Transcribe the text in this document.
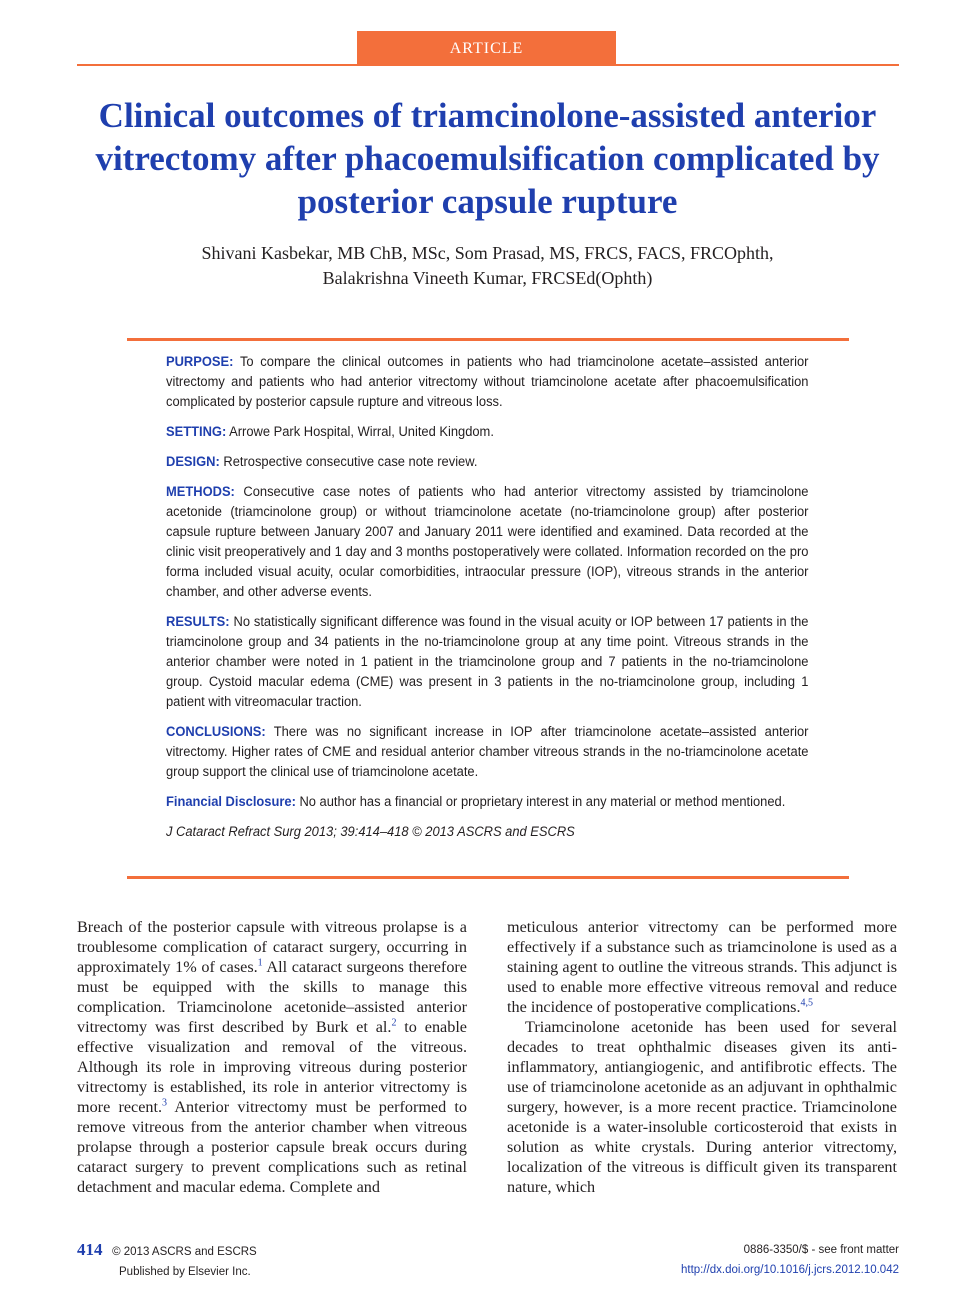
ARTICLE
Clinical outcomes of triamcinolone-assisted anterior vitrectomy after phacoemulsification complicated by posterior capsule rupture
Shivani Kasbekar, MB ChB, MSc, Som Prasad, MS, FRCS, FACS, FRCOphth,
Balakrishna Vineeth Kumar, FRCSEd(Ophth)

PURPOSE: To compare the clinical outcomes in patients who had triamcinolone acetate–assisted anterior vitrectomy and patients who had anterior vitrectomy without triamcinolone acetate after phacoemulsification complicated by posterior capsule rupture and vitreous loss.

SETTING: Arrowe Park Hospital, Wirral, United Kingdom.

DESIGN: Retrospective consecutive case note review.

METHODS: Consecutive case notes of patients who had anterior vitrectomy assisted by triamcinolone acetonide (triamcinolone group) or without triamcinolone acetate (no-triamcinolone group) after posterior capsule rupture between January 2007 and January 2011 were identified and examined. Data recorded at the clinic visit preoperatively and 1 day and 3 months postoperatively were collated. Information recorded on the pro forma included visual acuity, ocular comorbidities, intraocular pressure (IOP), vitreous strands in the anterior chamber, and other adverse events.

RESULTS: No statistically significant difference was found in the visual acuity or IOP between 17 patients in the triamcinolone group and 34 patients in the no-triamcinolone group at any time point. Vitreous strands in the anterior chamber were noted in 1 patient in the triamcinolone group and 7 patients in the no-triamcinolone group. Cystoid macular edema (CME) was present in 3 patients in the no-triamcinolone group, including 1 patient with vitreomacular traction.

CONCLUSIONS: There was no significant increase in IOP after triamcinolone acetate–assisted anterior vitrectomy. Higher rates of CME and residual anterior chamber vitreous strands in the no-triamcinolone acetate group support the clinical use of triamcinolone acetate.

Financial Disclosure: No author has a financial or proprietary interest in any material or method mentioned.

J Cataract Refract Surg 2013; 39:414–418 © 2013 ASCRS and ESCRS

Breach of the posterior capsule with vitreous prolapse is a troublesome complication of cataract surgery, occurring in approximately 1% of cases.$^1$ All cataract surgeons therefore must be equipped with the skills to manage this complication. Triamcinolone acetonide–assisted anterior vitrectomy was first described by Burk et al.$^2$ to enable effective visualization and removal of the vitreous. Although its role in improving vitreous during posterior vitrectomy is established, its role in anterior vitrectomy is more recent.$^3$ Anterior vitrectomy must be performed to remove vitreous from the anterior chamber when vitreous prolapse through a posterior capsule break occurs during cataract surgery to prevent complications such as retinal detachment and macular edema. Complete and

meticulous anterior vitrectomy can be performed more effectively if a substance such as triamcinolone is used as a staining agent to outline the vitreous strands. This adjunct is used to enable more effective vitreous removal and reduce the incidence of postoperative complications.$^{4,5}$

Triamcinolone acetonide has been used for several decades to treat ophthalmic diseases given its anti-inflammatory, antiangiogenic, and antifibrotic effects. The use of triamcinolone acetonide as an adjuvant in ophthalmic surgery, however, is a more recent practice. Triamcinolone acetonide is a water-insoluble corticosteroid that exists in solution as white crystals. During anterior vitrectomy, localization of the vitreous is difficult given its transparent nature, which

414 © 2013 ASCRS and ESCRS
Published by Elsevier Inc.
0886-3350/$ - see front matter
http://dx.doi.org/10.1016/j.jcrs.2012.10.042
